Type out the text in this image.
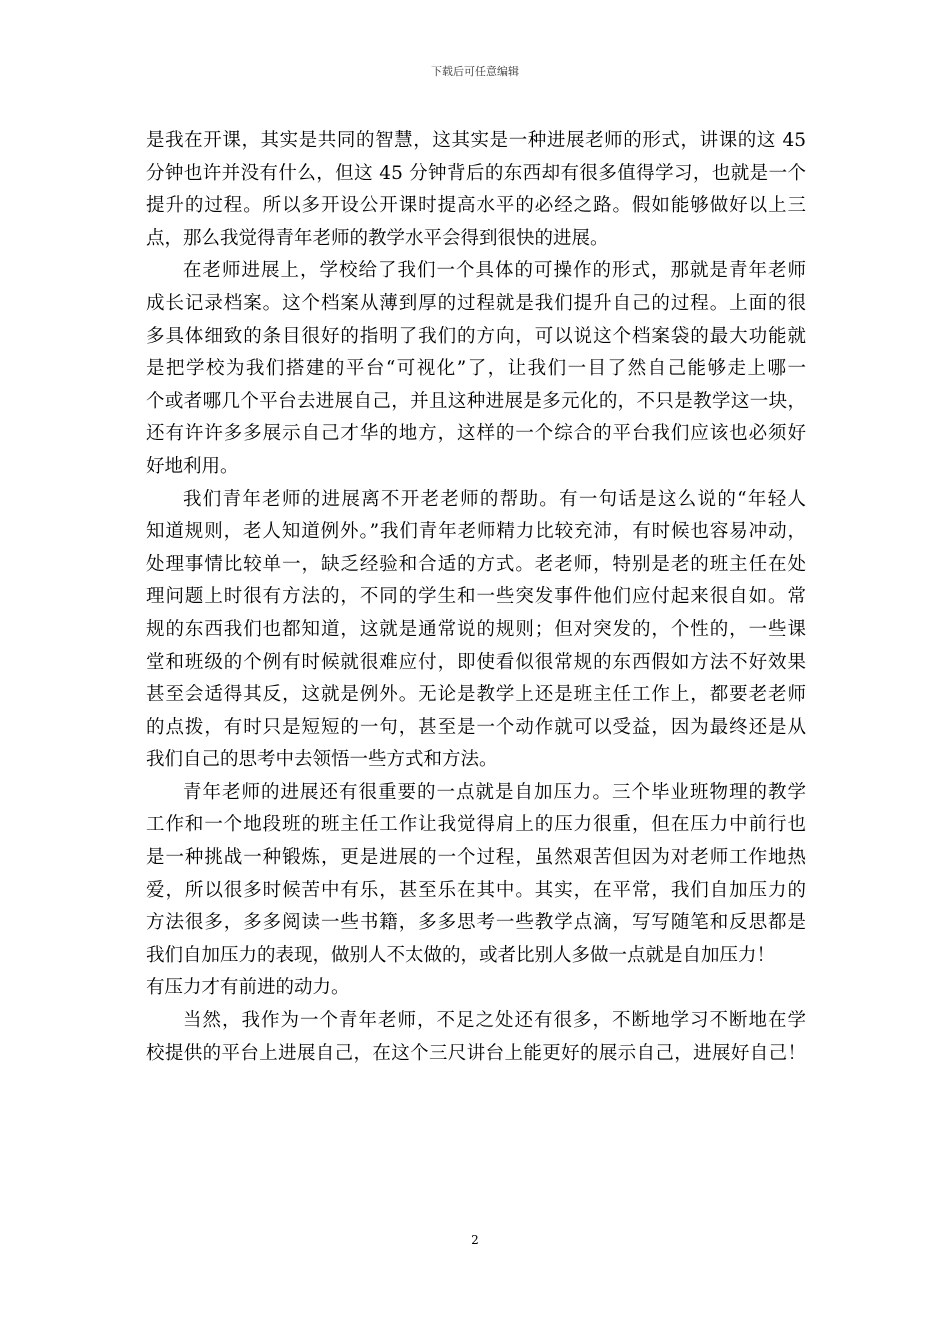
下载后可任意编辑
是我在开课，其实是共同的智慧，这其实是一种进展老师的形式，讲课的这 45
分钟也许并没有什么，但这 45 分钟背后的东西却有很多值得学习，也就是一个
提升的过程。所以多开设公开课时提高水平的必经之路。假如能够做好以上三
点，那么我觉得青年老师的教学水平会得到很快的进展。
在老师进展上，学校给了我们一个具体的可操作的形式，那就是青年老师
成长记录档案。这个档案从薄到厚的过程就是我们提升自己的过程。上面的很
多具体细致的条目很好的指明了我们的方向，可以说这个档案袋的最大功能就
是把学校为我们搭建的平台“可视化”了，让我们一目了然自己能够走上哪一
个或者哪几个平台去进展自己，并且这种进展是多元化的，不只是教学这一块，
还有许许多多展示自己才华的地方，这样的一个综合的平台我们应该也必须好
好地利用。
我们青年老师的进展离不开老老师的帮助。有一句话是这么说的“年轻人
知道规则，老人知道例外。”我们青年老师精力比较充沛，有时候也容易冲动，
处理事情比较单一，缺乏经验和合适的方式。老老师，特别是老的班主任在处
理问题上时很有方法的，不同的学生和一些突发事件他们应付起来很自如。常
规的东西我们也都知道，这就是通常说的规则；但对突发的，个性的，一些课
堂和班级的个例有时候就很难应付，即使看似很常规的东西假如方法不好效果
甚至会适得其反，这就是例外。无论是教学上还是班主任工作上，都要老老师
的点拨，有时只是短短的一句，甚至是一个动作就可以受益，因为最终还是从
我们自己的思考中去领悟一些方式和方法。
青年老师的进展还有很重要的一点就是自加压力。三个毕业班物理的教学
工作和一个地段班的班主任工作让我觉得肩上的压力很重，但在压力中前行也
是一种挑战一种锻炼，更是进展的一个过程，虽然艰苦但因为对老师工作地热
爱，所以很多时候苦中有乐，甚至乐在其中。其实，在平常，我们自加压力的
方法很多，多多阅读一些书籍，多多思考一些教学点滴，写写随笔和反思都是
我们自加压力的表现，做别人不太做的，或者比别人多做一点就是自加压力！
有压力才有前进的动力。
当然，我作为一个青年老师，不足之处还有很多，不断地学习不断地在学
校提供的平台上进展自己，在这个三尺讲台上能更好的展示自己，进展好自己！
2
